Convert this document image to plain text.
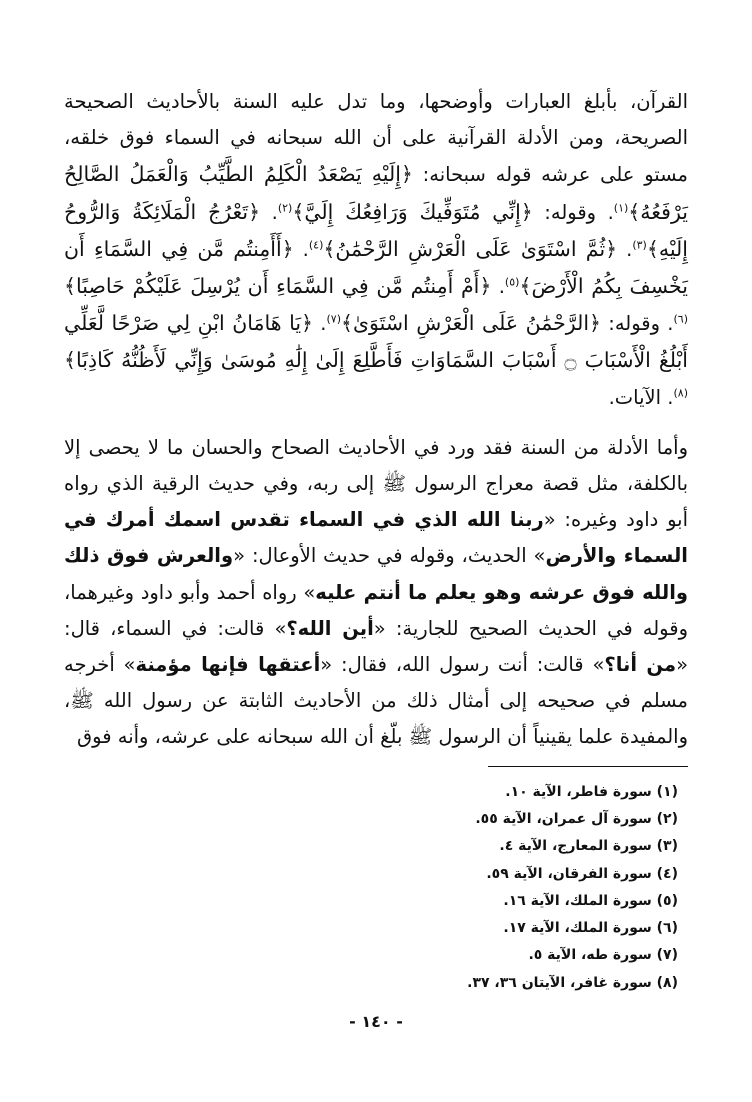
القرآن، بأبلغ العبارات وأوضحها، وما تدل عليه السنة بالأحاديث الصحيحة الصريحة، ومن الأدلة القرآنية على أن الله سبحانه في السماء فوق خلقه، مستو على عرشه قوله سبحانه: ﴿إِلَيْهِ يَصْعَدُ الْكَلِمُ الطَّيِّبُ وَالْعَمَلُ الصَّالِحُ يَرْفَعُهُ﴾$^{(١)}$. وقوله: ﴿إِنِّي مُتَوَفِّيكَ وَرَافِعُكَ إِلَيَّ﴾$^{(٢)}$. ﴿تَعْرُجُ الْمَلَائِكَةُ وَالرُّوحُ إِلَيْهِ﴾$^{(٣)}$. ﴿ثُمَّ اسْتَوَىٰ عَلَى الْعَرْشِ الرَّحْمَٰنُ﴾$^{(٤)}$. ﴿أَأَمِنتُم مَّن فِي السَّمَاءِ أَن يَخْسِفَ بِكُمُ الْأَرْضَ﴾$^{(٥)}$. ﴿أَمْ أَمِنتُم مَّن فِي السَّمَاءِ أَن يُرْسِلَ عَلَيْكُمْ حَاصِبًا﴾$^{(٦)}$. وقوله: ﴿الرَّحْمَٰنُ عَلَى الْعَرْشِ اسْتَوَىٰ﴾$^{(٧)}$. ﴿يَا هَامَانُ ابْنِ لِي صَرْحًا لَّعَلِّي أَبْلُغُ الْأَسْبَابَ ۝ أَسْبَابَ السَّمَاوَاتِ فَأَطَّلِعَ إِلَىٰ إِلَٰهِ مُوسَىٰ وَإِنِّي لَأَظُنُّهُ كَاذِبًا﴾$^{(٨)}$. الآيات.

وأما الأدلة من السنة فقد ورد في الأحاديث الصحاح والحسان ما لا يحصى إلا بالكلفة، مثل قصة معراج الرسول ﷺ إلى ربه، وفي حديث الرقية الذي رواه أبو داود وغيره: «ربنا الله الذي في السماء تقدس اسمك أمرك في السماء والأرض» الحديث، وقوله في حديث الأوعال: «والعرش فوق ذلك والله فوق عرشه وهو يعلم ما أنتم عليه» رواه أحمد وأبو داود وغيرهما، وقوله في الحديث الصحيح للجارية: «أين الله؟» قالت: في السماء، قال: «من أنا؟» قالت: أنت رسول الله، فقال: «أعتقها فإنها مؤمنة» أخرجه مسلم في صحيحه إلى أمثال ذلك من الأحاديث الثابتة عن رسول الله ﷺ، والمفيدة علما يقينياً أن الرسول ﷺ بلّغ أن الله سبحانه على عرشه، وأنه فوق

(١) سورة فاطر، الآية ١٠.
(٢) سورة آل عمران، الآية ٥٥.
(٣) سورة المعارج، الآية ٤.
(٤) سورة الفرقان، الآية ٥٩.
(٥) سورة الملك، الآية ١٦.
(٦) سورة الملك، الآية ١٧.
(٧) سورة طه، الآية ٥.
(٨) سورة غافر، الآيتان ٣٦، ٣٧.
- ١٤٠ -
